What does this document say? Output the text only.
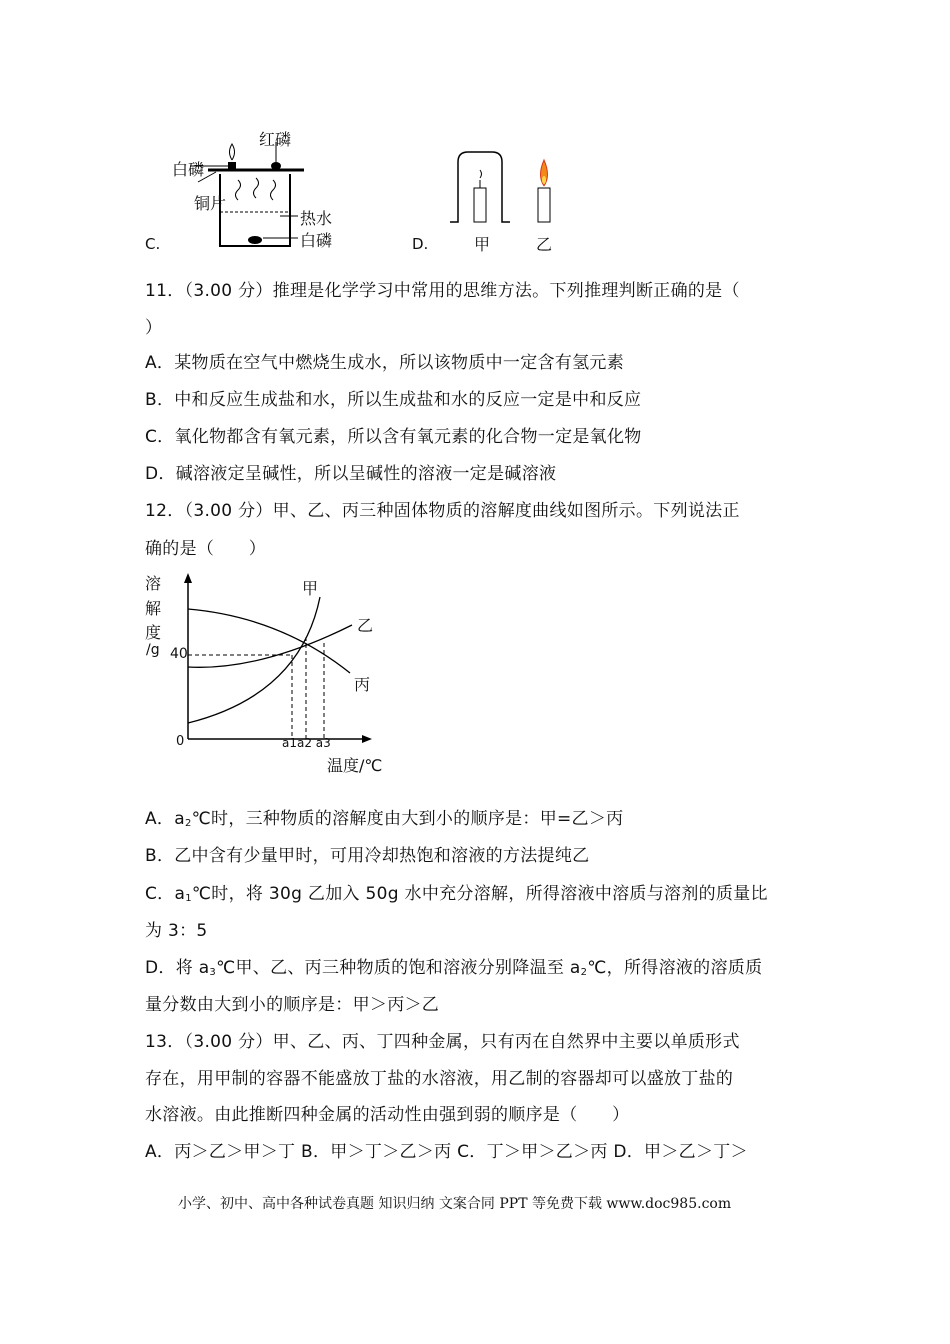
C.
红磷
白磷
铜片
热水
白磷	D.	甲	乙
11．（3.00 分）推理是化学学习中常用的思维方法。下列推理判断正确的是（
）
A．某物质在空气中燃烧生成水，所以该物质中一定含有氢元素
B．中和反应生成盐和水，所以生成盐和水的反应一定是中和反应
C．氧化物都含有氧元素，所以含有氧元素的化合物一定是氧化物
D．碱溶液定呈碱性，所以呈碱性的溶液一定是碱溶液
12．（3.00 分）甲、乙、丙三种固体物质的溶解度曲线如图所示。下列说法正
确的是（　　）
溶
解
度
/g 40
0	a1a2 a3
温度/℃
甲
乙
丙
A．$a_2℃$时，三种物质的溶解度由大到小的顺序是：甲=乙＞丙
B．乙中含有少量甲时，可用冷却热饱和溶液的方法提纯乙
C．$a_1℃$时，将 30g 乙加入 50g 水中充分溶解，所得溶液中溶质与溶剂的质量比
为 3：5
D．将 $a_3℃$甲、乙、丙三种物质的饱和溶液分别降温至 $a_2℃$，所得溶液的溶质质
量分数由大到小的顺序是：甲＞丙＞乙
13．（3.00 分）甲、乙、丙、丁四种金属，只有丙在自然界中主要以单质形式
存在，用甲制的容器不能盛放丁盐的水溶液，用乙制的容器却可以盛放丁盐的
水溶液。由此推断四种金属的活动性由强到弱的顺序是（　　）
A．丙＞乙＞甲＞丁 B．甲＞丁＞乙＞丙 C．丁＞甲＞乙＞丙 D．甲＞乙＞丁＞
小学、初中、高中各种试卷真题 知识归纳 文案合同 PPT 等免费下载 www.doc985.com
